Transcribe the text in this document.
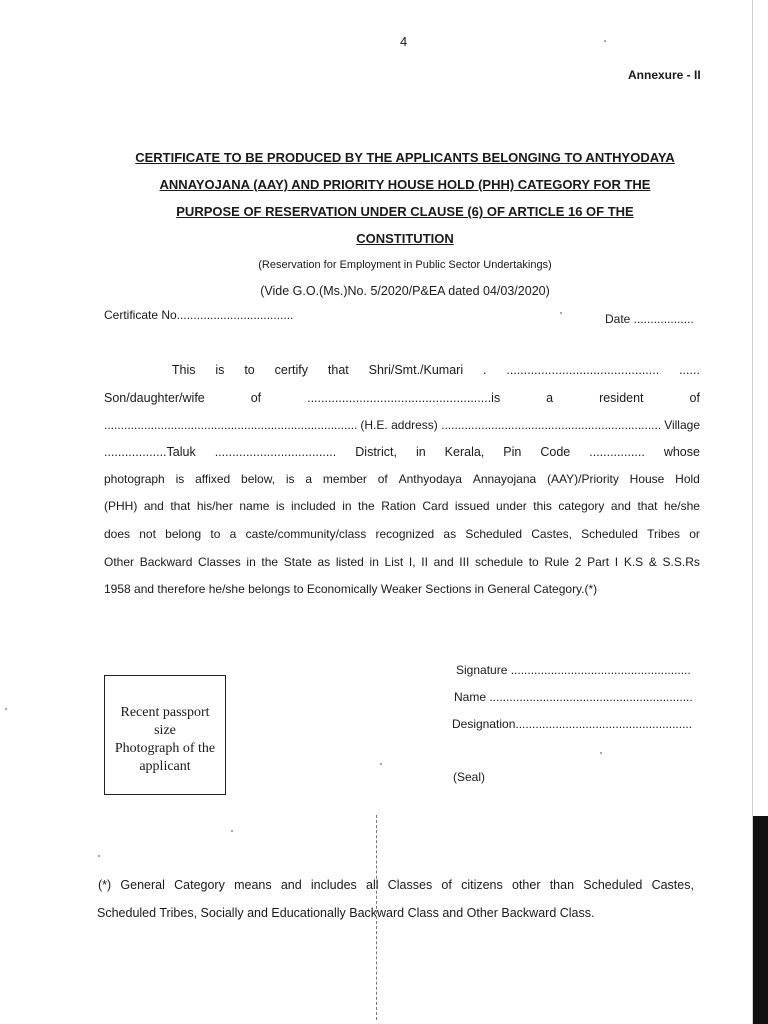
4
Annexure - II
CERTIFICATE TO BE PRODUCED BY THE APPLICANTS BELONGING TO ANTHYODAYA
ANNAYOJANA (AAY) AND PRIORITY HOUSE HOLD (PHH) CATEGORY FOR THE
PURPOSE OF RESERVATION UNDER CLAUSE (6) OF ARTICLE 16 OF THE
CONSTITUTION
(Reservation for Employment in Public Sector Undertakings)
(Vide G.O.(Ms.)No. 5/2020/P&EA dated 04/03/2020)
Certificate No...................................	Date ..................
This is to certify that Shri/Smt./Kumari . ............................................ ......
Son/daughter/wife	of	.....................................................is	a	resident	of
............................................................................ (H.E. address) .................................................................. Village
..................Taluk ................................... District, in Kerala, Pin Code ................ whose
photograph is affixed below, is a member of Anthyodaya Annayojana (AAY)/Priority House Hold
(PHH) and that his/her name is included in the Ration Card issued under this category and that he/she
does not belong to a caste/community/class recognized as Scheduled Castes, Scheduled Tribes or
Other Backward Classes in the State as listed in List I, II and III schedule to Rule 2 Part I K.S & S.S.Rs
1958 and therefore he/she belongs to Economically Weaker Sections in General Category.(*)
Recent passport
size
Photograph of the
applicant
Signature ......................................................
Name .............................................................
Designation.....................................................
(Seal)
(*) General Category means and includes all Classes of citizens other than Scheduled Castes,
Scheduled Tribes, Socially and Educationally Backward Class and Other Backward Class.
